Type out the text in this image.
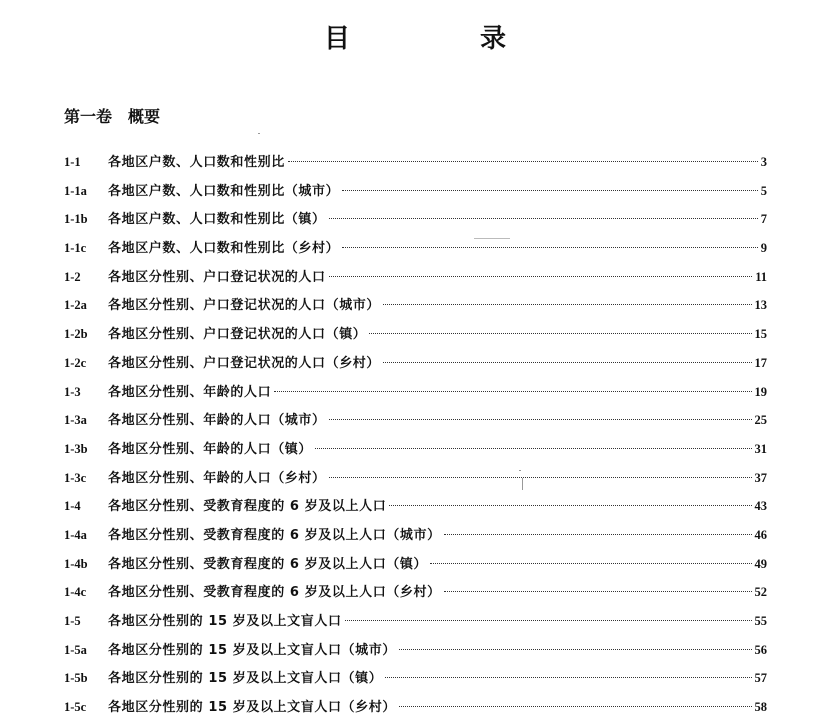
目　录
第一卷　概要
1-1	各地区户数、人口数和性别比	3
1-1a	各地区户数、人口数和性别比（城市）	5
1-1b	各地区户数、人口数和性别比（镇）	7
1-1c	各地区户数、人口数和性别比（乡村）	9
1-2	各地区分性别、户口登记状况的人口	11
1-2a	各地区分性别、户口登记状况的人口（城市）	13
1-2b	各地区分性别、户口登记状况的人口（镇）	15
1-2c	各地区分性别、户口登记状况的人口（乡村）	17
1-3	各地区分性别、年龄的人口	19
1-3a	各地区分性别、年龄的人口（城市）	25
1-3b	各地区分性别、年龄的人口（镇）	31
1-3c	各地区分性别、年龄的人口（乡村）	37
1-4	各地区分性别、受教育程度的 6 岁及以上人口	43
1-4a	各地区分性别、受教育程度的 6 岁及以上人口（城市）	46
1-4b	各地区分性别、受教育程度的 6 岁及以上人口（镇）	49
1-4c	各地区分性别、受教育程度的 6 岁及以上人口（乡村）	52
1-5	各地区分性别的 15 岁及以上文盲人口	55
1-5a	各地区分性别的 15 岁及以上文盲人口（城市）	56
1-5b	各地区分性别的 15 岁及以上文盲人口（镇）	57
1-5c	各地区分性别的 15 岁及以上文盲人口（乡村）	58
